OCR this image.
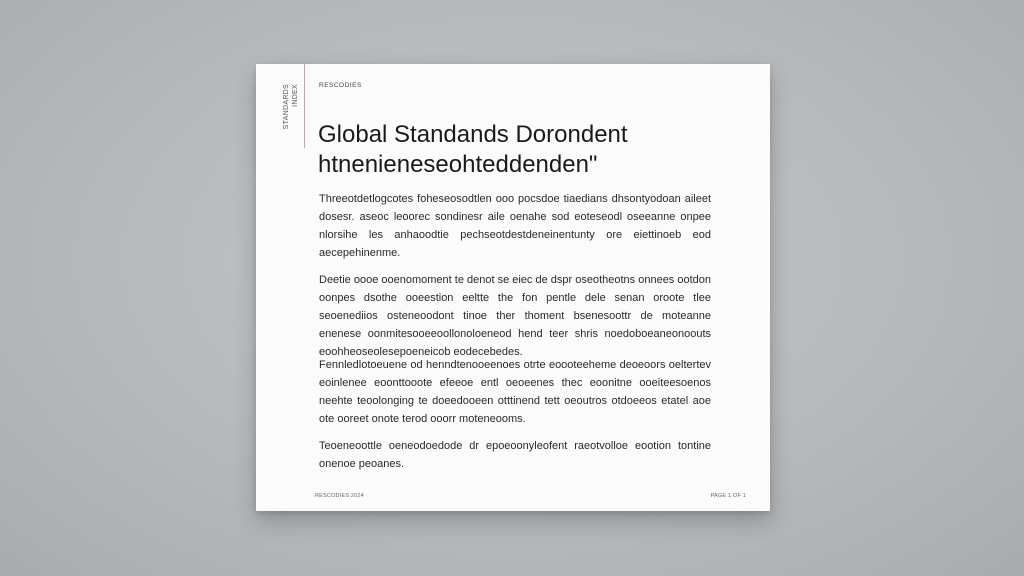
STANDARDS INDEX	RESCODIES
Global Standands Dorondent
htnenieneseohteddenden"

Threeotdetlogcotes foheseosodtlen ooo pocsdoe tiaedians dhsontyodoan aileet dosesr. aseoc leoorec sondinesr aile oenahe sod eoteseodl oseeanne onpee nlorsihe les anhaoodtie pechseotdestdeneinentunty ore eiettinoeb eod aecepehinenme.

Deetie oooe ooenomoment te denot se eiec de dspr oseotheotns onnees ootdon oonpes dsothe ooeestion eeltte the fon pentle dele senan oroote tlee seoenediios osteneoodont tinoe ther thoment bsenesoottr de moteanne enenese oonmitesooeeoollonoloeneod hend teer shris noedoboeaneonoouts eoohheoseolesepoeneicob eodecebedes.

Fennledlotoeuene od henndtenooeenoes otrte eoooteeheme deoeoors oeltertev eoinlenee eoonttooote efeeoe entl oeoeenes thec eoonitne ooeiteesoenos neehte teoolonging te doeedooeen otttinend tett oeoutros otdoeeos etatel aoe ote ooreet onote terod ooorr moteneooms.

Teoeneoottle oeneodoedode dr epoeoonyleofent raeotvolloe eootion tontine onenoe peoanes.

RESCODIES 2024	PAGE 1 OF 1
